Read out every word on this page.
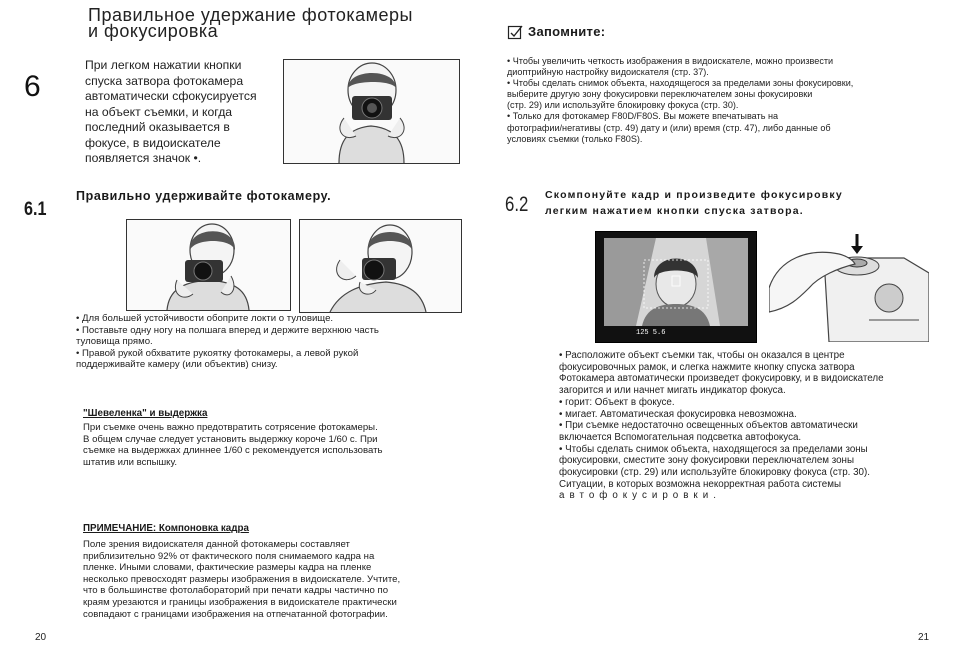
Правильное удержание фотокамеры
и фокусировка
6
При легком нажатии кнопки
спуска затвора фотокамера
автоматически сфокусируется
на объект съемки, и когда
последний оказывается в
фокусе, в видоискателе
появляется значок •.
6.1
Правильно удерживайте фотокамеру.
• Для большей устойчивости обоприте локти о туловище.
• Поставьте одну ногу на полшага вперед и держите верхнюю часть
туловища прямо.
• Правой рукой обхватите рукоятку фотокамеры, а левой рукой
поддерживайте камеру (или объектив) снизу.
"Шевеленка" и выдержка
При съемке очень важно предотвратить сотрясение фотокамеры.
В общем случае следует установить выдержку короче 1/60 с. При
съемке на выдержках длиннее 1/60 с рекомендуется использовать
штатив или вспышку.
ПРИМЕЧАНИЕ: Компоновка кадра
Поле зрения видоискателя данной фотокамеры составляет
приблизительно 92% от фактического поля снимаемого кадра на
пленке. Иными словами, фактические размеры кадра на пленке
несколько превосходят размеры изображения в видоискателе. Учтите,
что в большинстве фотолабораторий при печати кадры частично по
краям урезаются и границы изображения в видоискателе практически
совпадают с границами изображения на отпечатанной фотографии.
20
Запомните:
• Чтобы увеличить четкость изображения в видоискателе, можно произвести
диоптрийную настройку видоискателя (стр. 37).
• Чтобы сделать снимок объекта, находящегося за пределами зоны фокусировки,
выберите другую зону фокусировки переключателем зоны фокусировки
(стр. 29) или используйте блокировку фокуса (стр. 30).
• Только для фотокамер F80D/F80S. Вы можете впечатывать на
фотографии/негативы (стр. 49) дату и (или) время (стр. 47), либо данные об
условиях съемки (только F80S).
6.2 Скомпонуйте кадр и произведите фокусировку
легким нажатием кнопки спуска затвора.
125 5.6
• Расположите объект съемки так, чтобы он оказался в центре
фокусировочных рамок, и слегка нажмите кнопку спуска затвора
Фотокамера автоматически произведет фокусировку, и в видоискателе
загорится и или начнет мигать индикатор фокуса.
• горит: Объект в фокусе.
• мигает. Автоматическая фокусировка невозможна.
• При съемке недостаточно освещенных объектов автоматически
включается Вспомогательная подсветка автофокуса.
• Чтобы сделать снимок объекта, находящегося за пределами зоны
фокусировки, сместите зону фокусировки переключателем зоны
фокусировки (стр. 29) или используйте блокировку фокуса (стр. 30).
Ситуации, в которых возможна некорректная работа системы
автофокусировки.
21
